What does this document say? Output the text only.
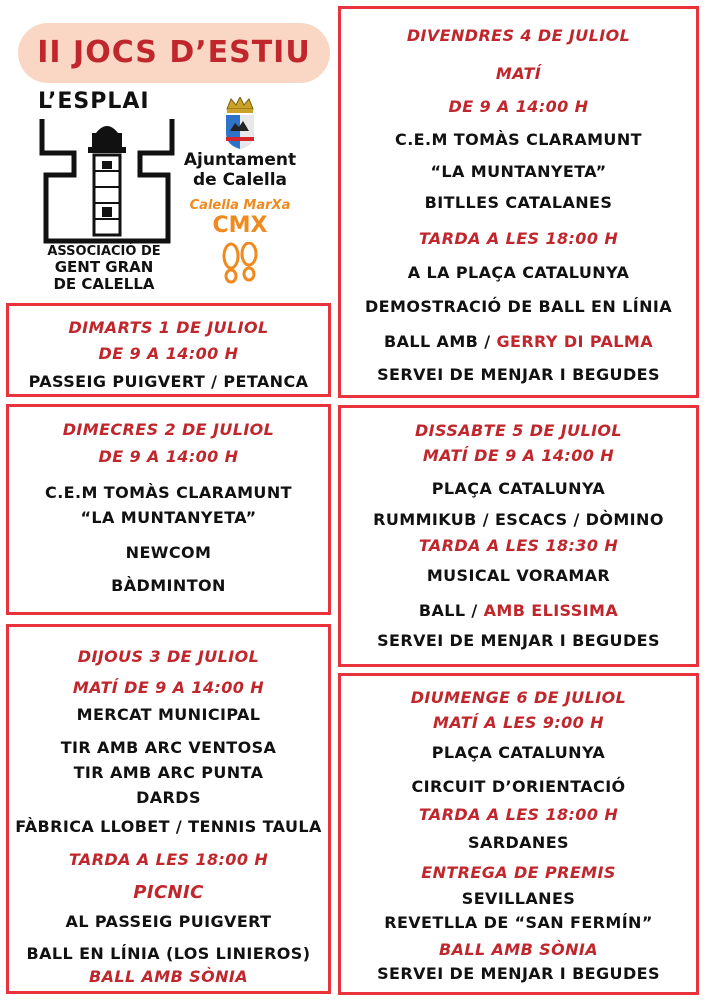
II JOCS D’ESTIU
L’ESPLAI
ASSOCIACIÓ DE
GENT GRAN
DE CALELLA
Ajuntament
de Calella
Calella MarXa
CMX
DIMARTS 1 DE JULIOL
DE 9 A 14:00 H
PASSEIG PUIGVERT / PETANCA
DIMECRES 2 DE JULIOL
DE 9 A 14:00 H
C.E.M TOMÀS CLARAMUNT
“LA MUNTANYETA”
NEWCOM
BÀDMINTON
DIJOUS 3 DE JULIOL
MATÍ DE 9 A 14:00 H
MERCAT MUNICIPAL
TIR AMB ARC VENTOSA
TIR AMB ARC PUNTA
DARDS
FÀBRICA LLOBET / TENNIS TAULA
TARDA A LES 18:00 H
PICNIC
AL PASSEIG PUIGVERT
BALL EN LÍNIA (LOS LINIEROS)
BALL AMB SÒNIA
DIVENDRES 4 DE JULIOL
MATÍ
DE 9 A 14:00 H
C.E.M TOMÀS CLARAMUNT
“LA MUNTANYETA”
BITLLES CATALANES
TARDA A LES 18:00 H
A LA PLAÇA CATALUNYA
DEMOSTRACIÓ DE BALL EN LÍNIA
BALL AMB / GERRY DI PALMA
SERVEI DE MENJAR I BEGUDES
DISSABTE 5 DE JULIOL
MATÍ DE 9 A 14:00 H
PLAÇA CATALUNYA
RUMMIKUB / ESCACS / DÒMINO
TARDA A LES 18:30 H
MUSICAL VORAMAR
BALL / AMB ELISSIMA
SERVEI DE MENJAR I BEGUDES
DIUMENGE 6 DE JULIOL
MATÍ A LES 9:00 H
PLAÇA CATALUNYA
CIRCUIT D’ORIENTACIÓ
TARDA A LES 18:00 H
SARDANES
ENTREGA DE PREMIS
SEVILLANES
REVETLLA DE “SAN FERMÍN”
BALL AMB SÒNIA
SERVEI DE MENJAR I BEGUDES
